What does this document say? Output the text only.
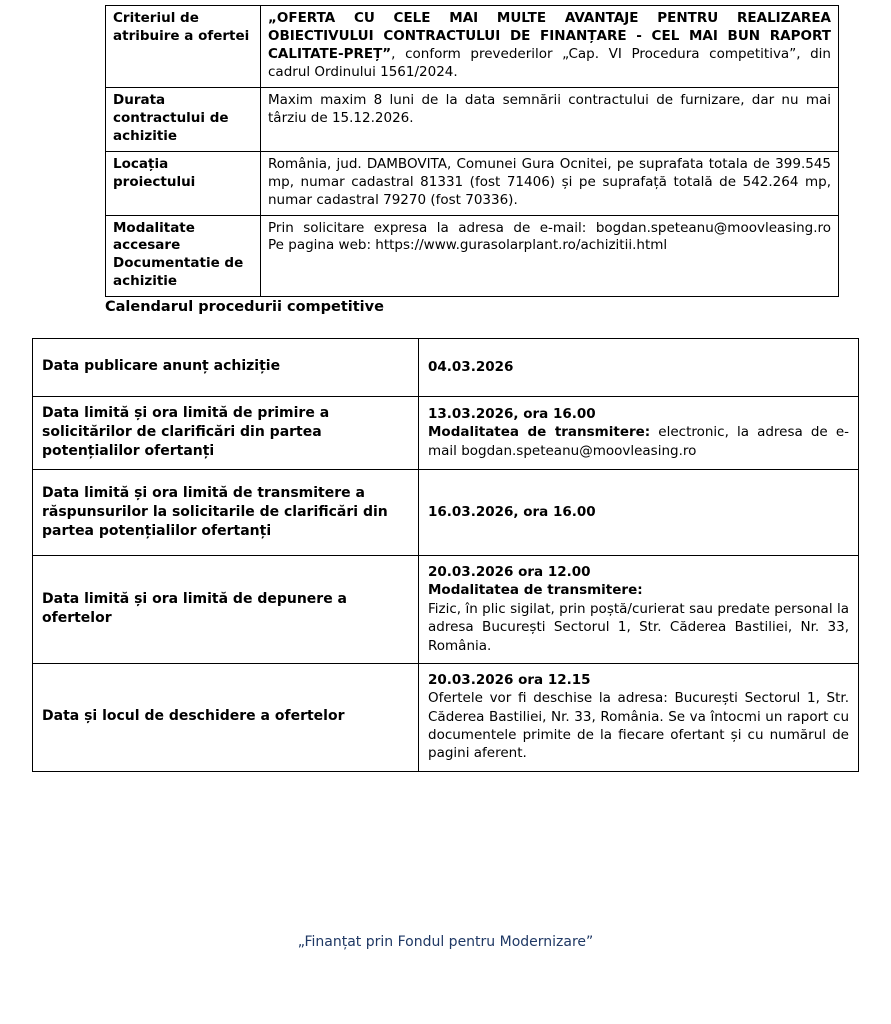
Criteriul de atribuire a ofertei	„OFERTA CU CELE MAI MULTE AVANTAJE PENTRU REALIZAREA OBIECTIVULUI CONTRACTULUI DE FINANȚARE - CEL MAI BUN RAPORT CALITATE-PREȚ”, conform prevederilor „Cap. VI Procedura competitiva”, din cadrul Ordinului 1561/2024.
Durata contractului de achizitie	Maxim maxim 8 luni de la data semnării contractului de furnizare, dar nu mai târziu de 15.12.2026.
Locația proiectului	România, jud. DAMBOVITA, Comunei Gura Ocnitei, pe suprafata totala de 399.545 mp, numar cadastral 81331 (fost 71406) și pe suprafață totală de 542.264 mp, numar cadastral 79270 (fost 70336).
Modalitate accesare Documentatie de achizitie	Prin solicitare expresa la adresa de e-mail: bogdan.speteanu@moovleasing.ro
Pe pagina web: https://www.gurasolarplant.ro/achizitii.html
Calendarul procedurii competitive
Data publicare anunț achiziție	04.03.2026
Data limită și ora limită de primire a solicitărilor de clarificări din partea potențialilor ofertanți	13.03.2026, ora 16.00
Modalitatea de transmitere: electronic, la adresa de e-mail bogdan.speteanu@moovleasing.ro

Data limită și ora limită de transmitere a răspunsurilor la solicitarile de clarificări din partea potențialilor ofertanți	16.03.2026, ora 16.00
Data limită și ora limită de depunere a ofertelor	20.03.2026 ora 12.00
Modalitatea de transmitere:
Fizic, în plic sigilat, prin poștă/curierat sau predate personal la adresa București Sectorul 1, Str. Căderea Bastiliei, Nr. 33, România.

Data și locul de deschidere a ofertelor	20.03.2026 ora 12.15
Ofertele vor fi deschise la adresa: București Sectorul 1, Str. Căderea Bastiliei, Nr. 33, România. Se va întocmi un raport cu documentele primite de la fiecare ofertant și cu numărul de pagini aferent.
„Finanțat prin Fondul pentru Modernizare”
